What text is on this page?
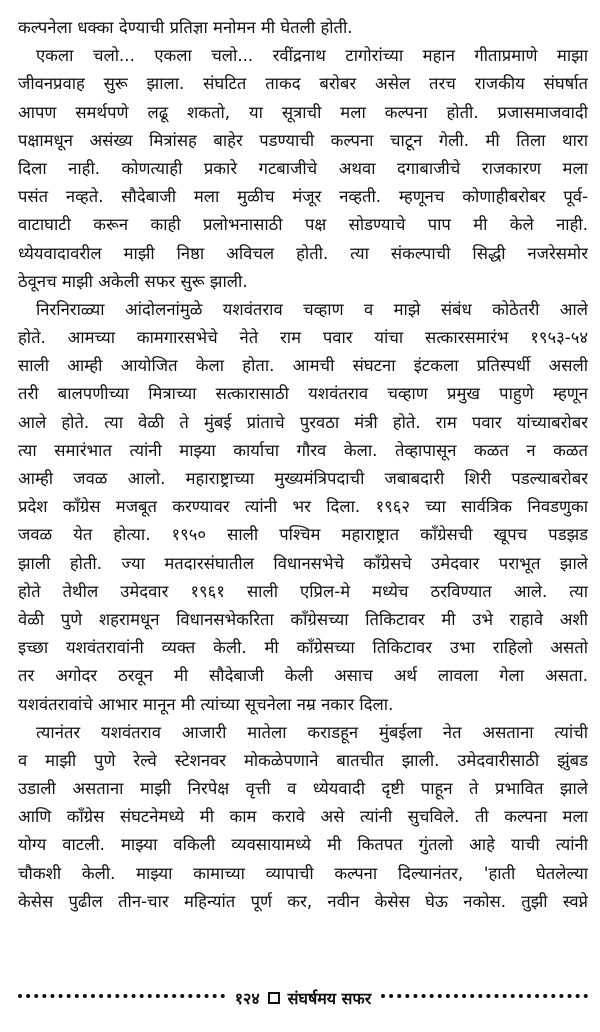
कल्पनेला धक्का देण्याची प्रतिज्ञा मनोमन मी घेतली होती.
एकला चलो... एकला चलो... रवींद्रनाथ टागोरांच्या महान गीताप्रमाणे माझा
जीवनप्रवाह सुरू झाला. संघटित ताकद बरोबर असेल तरच राजकीय संघर्षात
आपण समर्थपणे लढू शकतो, या सूत्राची मला कल्पना होती. प्रजासमाजवादी
पक्षामधून असंख्य मित्रांसह बाहेर पडण्याची कल्पना चाटून गेली. मी तिला थारा
दिला नाही. कोणत्याही प्रकारे गटबाजीचे अथवा दगाबाजीचे राजकारण मला
पसंत नव्हते. सौदेबाजी मला मुळीच मंजूर नव्हती. म्हणूनच कोणाहीबरोबर पूर्व-
वाटाघाटी करून काही प्रलोभनासाठी पक्ष सोडण्याचे पाप मी केले नाही.
ध्येयवादावरील माझी निष्ठा अविचल होती. त्या संकल्पाची सिद्धी नजरेसमोर
ठेवूनच माझी अकेली सफर सुरू झाली.
निरनिराळ्या आंदोलनांमुळे यशवंतराव चव्हाण व माझे संबंध कोठेतरी आले
होते. आमच्या कामगारसभेचे नेते राम पवार यांचा सत्कारसमारंभ १९५३-५४
साली आम्ही आयोजित केला होता. आमची संघटना इंटकला प्रतिस्पर्धी असली
तरी बालपणीच्या मित्राच्या सत्कारासाठी यशवंतराव चव्हाण प्रमुख पाहुणे म्हणून
आले होते. त्या वेळी ते मुंबई प्रांताचे पुरवठा मंत्री होते. राम पवार यांच्याबरोबर
त्या समारंभात त्यांनी माझ्या कार्याचा गौरव केला. तेव्हापासून कळत न कळत
आम्ही जवळ आलो. महाराष्ट्राच्या मुख्यमंत्रिपदाची जबाबदारी शिरी पडल्याबरोबर
प्रदेश काँग्रेस मजबूत करण्यावर त्यांनी भर दिला. १९६२ च्या सार्वत्रिक निवडणुका
जवळ येत होत्या. १९५० साली पश्चिम महाराष्ट्रात काँग्रेसची खूपच पडझड
झाली होती. ज्या मतदारसंघातील विधानसभेचे काँग्रेसचे उमेदवार पराभूत झाले
होते तेथील उमेदवार १९६१ साली एप्रिल-मे मध्येच ठरविण्यात आले. त्या
वेळी पुणे शहरामधून विधानसभेकरिता काँग्रेसच्या तिकिटावर मी उभे राहावे अशी
इच्छा यशवंतरावांनी व्यक्त केली. मी काँग्रेसच्या तिकिटावर उभा राहिलो असतो
तर अगोदर ठरवून मी सौदेबाजी केली असाच अर्थ लावला गेला असता.
यशवंतरावांचे आभार मानून मी त्यांच्या सूचनेला नम्र नकार दिला.
त्यानंतर यशवंतराव आजारी मातेला कराडहून मुंबईला नेत असताना त्यांची
व माझी पुणे रेल्वे स्टेशनवर मोकळेपणाने बातचीत झाली. उमेदवारीसाठी झुंबड
उडाली असताना माझी निरपेक्ष वृत्ती व ध्येयवादी दृष्टी पाहून ते प्रभावित झाले
आणि काँग्रेस संघटनेमध्ये मी काम करावे असे त्यांनी सुचविले. ती कल्पना मला
योग्य वाटली. माझ्या वकिली व्यवसायामध्ये मी कितपत गुंतलो आहे याची त्यांनी
चौकशी केली. माझ्या कामाच्या व्यापाची कल्पना दिल्यानंतर, 'हाती घेतलेल्या
केसेस पुढील तीन-चार महिन्यांत पूर्ण कर, नवीन केसेस घेऊ नकोस. तुझी स्वप्ने
१२४ संघर्षमय सफर
